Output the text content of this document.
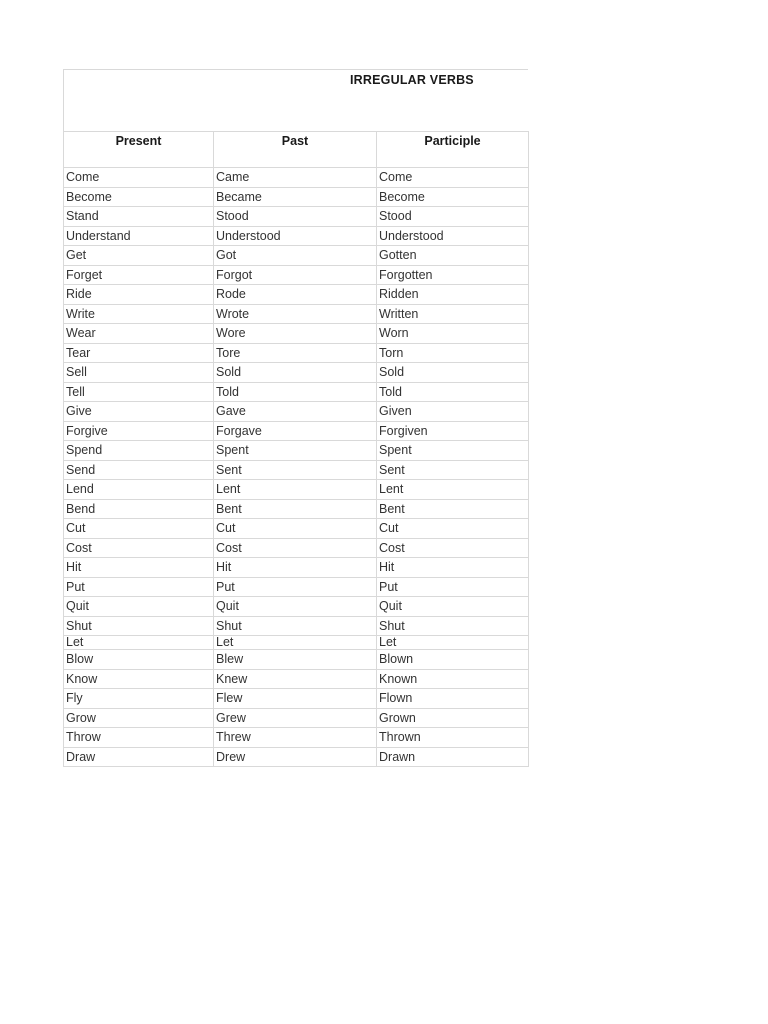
IRREGULAR VERBS
Present	Past	Participle
Come	Came	Come
Become	Became	Become
Stand	Stood	Stood
Understand	Understood	Understood
Get	Got	Gotten
Forget	Forgot	Forgotten
Ride	Rode	Ridden
Write	Wrote	Written
Wear	Wore	Worn
Tear	Tore	Torn
Sell	Sold	Sold
Tell	Told	Told
Give	Gave	Given
Forgive	Forgave	Forgiven
Spend	Spent	Spent
Send	Sent	Sent
Lend	Lent	Lent
Bend	Bent	Bent
Cut	Cut	Cut
Cost	Cost	Cost
Hit	Hit	Hit
Put	Put	Put
Quit	Quit	Quit
Shut	Shut	Shut
Let	Let	Let
Blow	Blew	Blown
Know	Knew	Known
Fly	Flew	Flown
Grow	Grew	Grown
Throw	Threw	Thrown
Draw	Drew	Drawn
